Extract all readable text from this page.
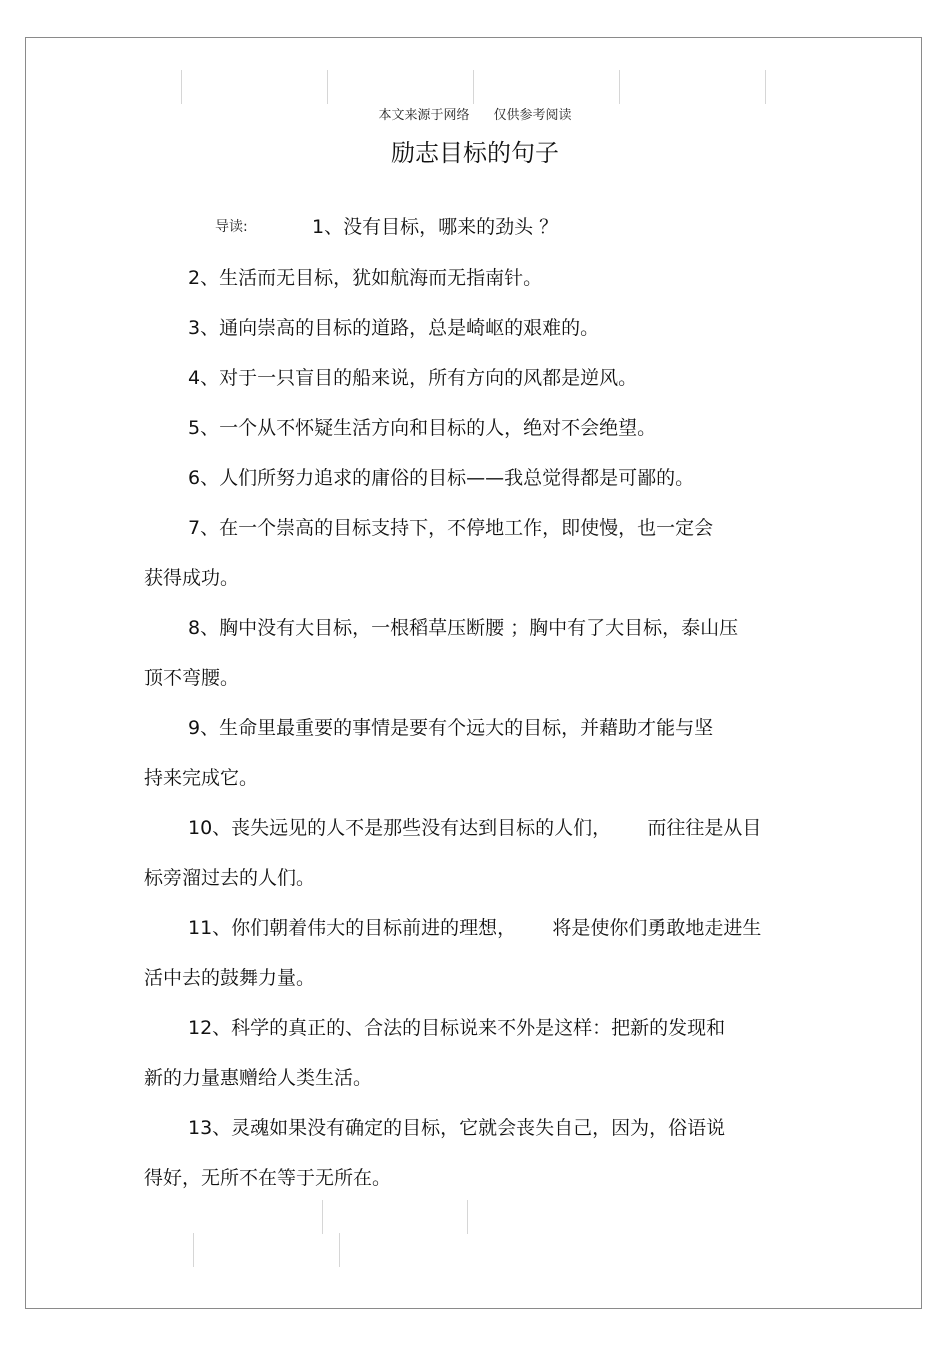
本文来源于网络 仅供参考阅读
励志目标的句子
导读:	1、没有目标，哪来的劲头 ？
2、生活而无目标，犹如航海而无指南针。
3、通向崇高的目标的道路，总是崎岖的艰难的。
4、对于一只盲目的船来说，所有方向的风都是逆风。
5、一个从不怀疑生活方向和目标的人，绝对不会绝望。
6、人们所努力追求的庸俗的目标——我总觉得都是可鄙的。
7、在一个崇高的目标支持下，不停地工作，即使慢，也一定会
获得成功。
8、胸中没有大目标，一根稻草压断腰 ；胸中有了大目标，泰山压
顶不弯腰。
9、生命里最重要的事情是要有个远大的目标，并藉助才能与坚
持来完成它。
10、丧失远见的人不是那些没有达到目标的人们，      而往往是从目
标旁溜过去的人们。
11、你们朝着伟大的目标前进的理想，      将是使你们勇敢地走进生
活中去的鼓舞力量。
12、科学的真正的、合法的目标说来不外是这样：把新的发现和
新的力量惠赠给人类生活。
13、灵魂如果没有确定的目标，它就会丧失自己，因为，俗语说
得好，无所不在等于无所在。
